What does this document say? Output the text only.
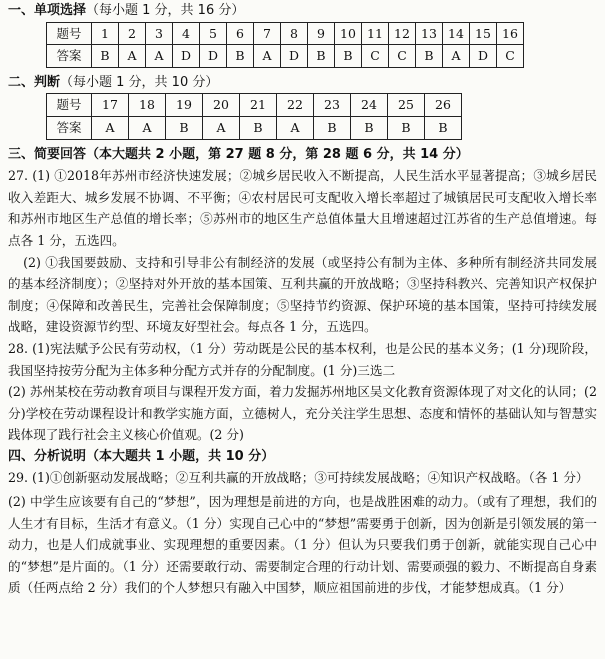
一、单项选择（每小题 1 分，共 16 分）
题号	1	2	3	4	5	6	7	8	9	10	11	12	13	14	15	16
答案	B	A	A	D	D	B	A	D	B	B	C	C	B	A	D	C
二、判断（每小题 1 分，共 10 分）
题号	17	18	19	20	21	22	23	24	25	26
答案	A	A	B	A	B	A	B	B	B	B
三、简要回答（本大题共 2 小题，第 27 题 8 分，第 28 题 6 分，共 14 分）

27. (1) ①2018年苏州市经济快速发展；②城乡居民收入不断提高，人民生活水平显著提高；③城乡居民收入差距大、城乡发展不协调、不平衡；④农村居民可支配收入增长率超过了城镇居民可支配收入增长率和苏州市地区生产总值的增长率；⑤苏州市的地区生产总值体量大且增速超过江苏省的生产总值增速。每点各 1 分，五选四。

(2) ①我国要鼓励、支持和引导非公有制经济的发展（或坚持公有制为主体、多种所有制经济共同发展的基本经济制度）；②坚持对外开放的基本国策、互利共赢的开放战略；③坚持科教兴、完善知识产权保护制度；④保障和改善民生，完善社会保障制度；⑤坚持节约资源、保护环境的基本国策，坚持可持续发展战略，建设资源节约型、环境友好型社会。每点各 1 分，五选四。

28. (1)宪法赋予公民有劳动权，（1 分）劳动既是公民的基本权利，也是公民的基本义务；(1 分)现阶段，我国坚持按劳分配为主体多种分配方式并存的分配制度。(1 分)三选二

(2) 苏州某校在劳动教育项目与课程开发方面，着力发掘苏州地区吴文化教育资源体现了对文化的认同；(2 分)学校在劳动课程设计和教学实施方面，立德树人，充分关注学生思想、态度和情怀的基础认知与智慧实践体现了践行社会主义核心价值观。(2 分)

四、分析说明（本大题共 1 小题，共 10 分）

29. (1)①创新驱动发展战略；②互利共赢的开放战略；③可持续发展战略；④知识产权战略。（各 1 分）

(2) 中学生应该要有自己的“梦想”，因为理想是前进的方向，也是战胜困难的动力。（或有了理想，我们的人生才有目标，生活才有意义。（1 分）实现自己心中的“梦想”需要勇于创新，因为创新是引领发展的第一动力，也是人们成就事业、实现理想的重要因素。（1 分）但认为只要我们勇于创新，就能实现自己心中的“梦想”是片面的。（1 分）还需要敢行动、需要制定合理的行动计划、需要顽强的毅力、不断提高自身素质（任两点给 2 分）我们的个人梦想只有融入中国梦，顺应祖国前进的步伐，才能梦想成真。（1 分）
